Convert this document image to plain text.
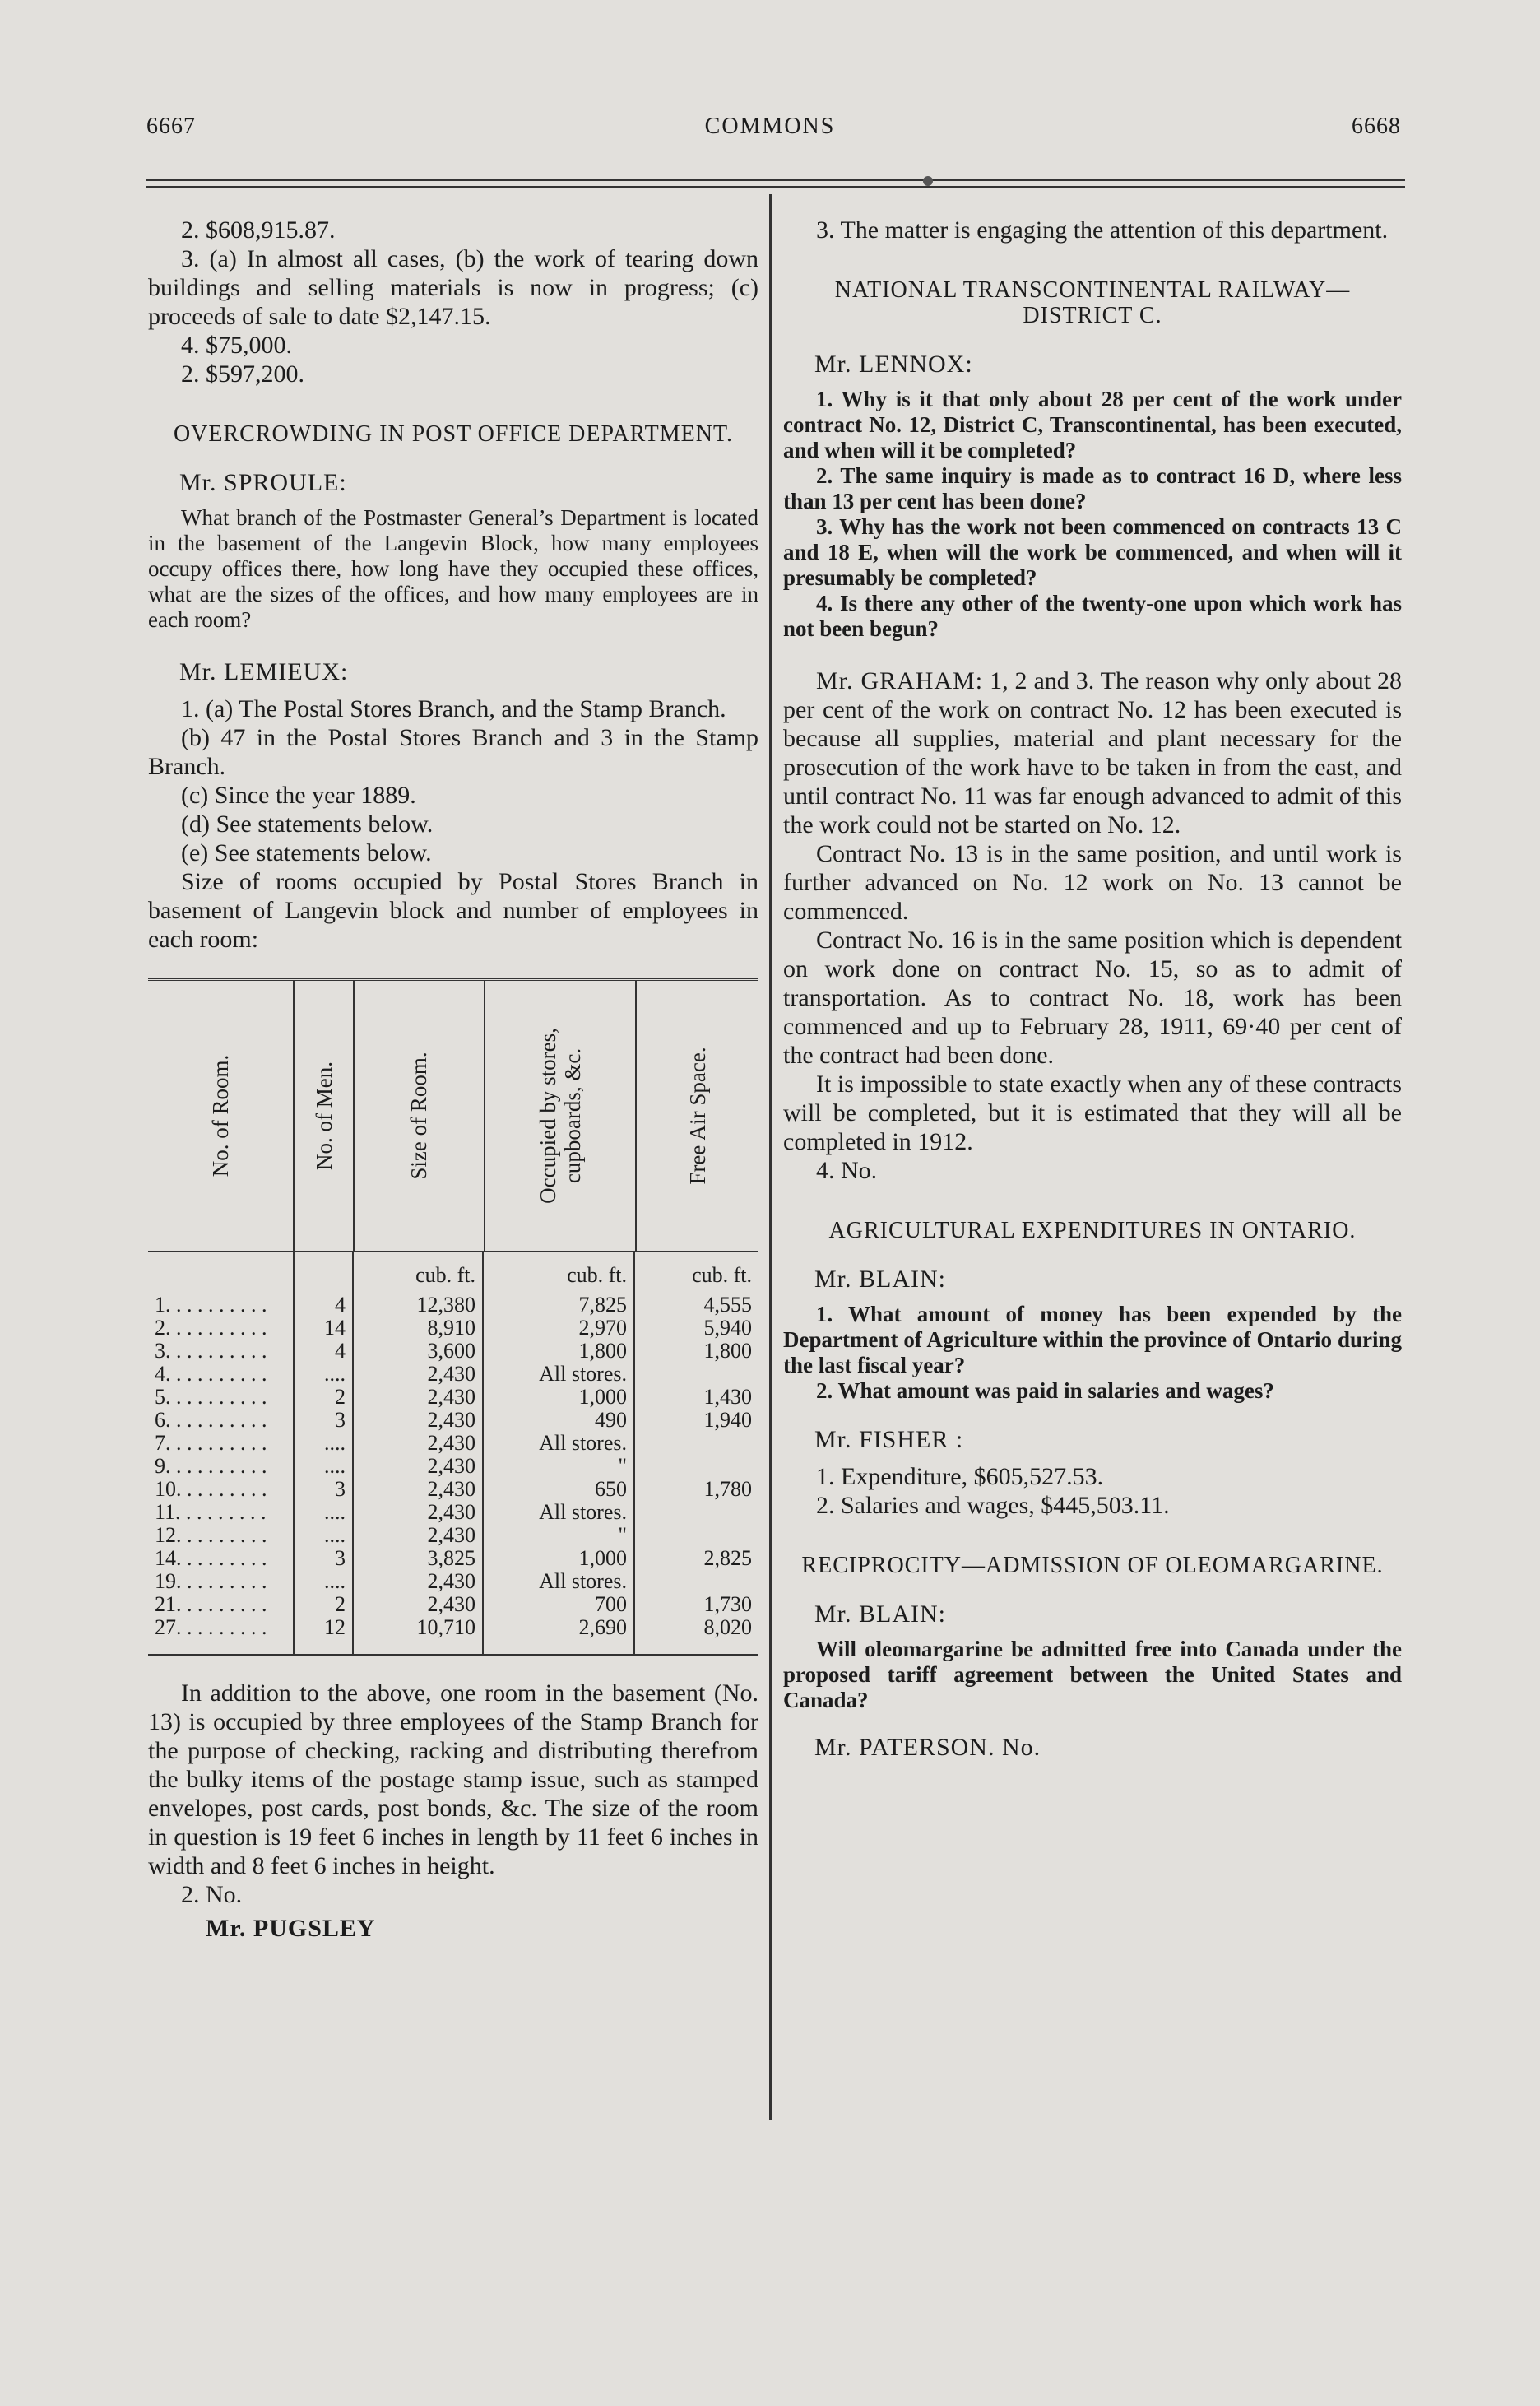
6667	COMMONS	6668

2. $608,915.87.

3. (a) In almost all cases, (b) the work of tearing down buildings and selling materials is now in progress; (c) proceeds of sale to date $2,147.15.

4. $75,000.

2. $597,200.

OVERCROWDING IN POST OFFICE DEPARTMENT.
Mr. SPROULE:

What branch of the Postmaster General’s Department is located in the basement of the Langevin Block, how many employees occupy offices there, how long have they occupied these offices, what are the sizes of the offices, and how many employees are in each room?

Mr. LEMIEUX:

1. (a) The Postal Stores Branch, and the Stamp Branch.

(b) 47 in the Postal Stores Branch and 3 in the Stamp Branch.

(c) Since the year 1889.

(d) See statements below.

(e) See statements below.

Size of rooms occupied by Postal Stores Branch in basement of Langevin block and number of employees in each room:

No. of Room.	No. of Men.	Size of Room.	Occupied by stores, cupboards, &c.	Free Air Space.
cub. ft.	cub. ft.	cub. ft.
1. . . . . . . . . .	4	12,380	7,825	4,555
2. . . . . . . . . .	14	8,910	2,970	5,940
3. . . . . . . . . .	4	3,600	1,800	1,800
4. . . . . . . . . .	....	2,430	All stores.
5. . . . . . . . . .	2	2,430	1,000	1,430
6. . . . . . . . . .	3	2,430	490	1,940
7. . . . . . . . . .	....	2,430	All stores.
9. . . . . . . . . .	....	2,430	"
10. . . . . . . . .	3	2,430	650	1,780
11. . . . . . . . .	....	2,430	All stores.
12. . . . . . . . .	....	2,430	"
14. . . . . . . . .	3	3,825	1,000	2,825
19. . . . . . . . .	....	2,430	All stores.
21. . . . . . . . .	2	2,430	700	1,730
27. . . . . . . . .	12	10,710	2,690	8,020

In addition to the above, one room in the basement (No. 13) is occupied by three employees of the Stamp Branch for the purpose of checking, racking and distributing therefrom the bulky items of the postage stamp issue, such as stamped envelopes, post cards, post bonds, &c. The size of the room in question is 19 feet 6 inches in length by 11 feet 6 inches in width and 8 feet 6 inches in height.

2. No.

Mr. PUGSLEY

3. The matter is engaging the attention of this department.

NATIONAL TRANSCONTINENTAL RAILWAY—DISTRICT C.
Mr. LENNOX:

1. Why is it that only about 28 per cent of the work under contract No. 12, District C, Transcontinental, has been executed, and when will it be completed?

2. The same inquiry is made as to contract 16 D, where less than 13 per cent has been done?

3. Why has the work not been commenced on contracts 13 C and 18 E, when will the work be commenced, and when will it presumably be completed?

4. Is there any other of the twenty-one upon which work has not been begun?

Mr. GRAHAM: 1, 2 and 3. The reason why only about 28 per cent of the work on contract No. 12 has been executed is because all supplies, material and plant necessary for the prosecution of the work have to be taken in from the east, and until contract No. 11 was far enough advanced to admit of this the work could not be started on No. 12.

Contract No. 13 is in the same position, and until work is further advanced on No. 12 work on No. 13 cannot be commenced.

Contract No. 16 is in the same position which is dependent on work done on contract No. 15, so as to admit of transportation. As to contract No. 18, work has been commenced and up to February 28, 1911, 69·40 per cent of the contract had been done.

It is impossible to state exactly when any of these contracts will be completed, but it is estimated that they will all be completed in 1912.

4. No.

AGRICULTURAL EXPENDITURES IN ONTARIO.
Mr. BLAIN:

1. What amount of money has been expended by the Department of Agriculture within the province of Ontario during the last fiscal year?

2. What amount was paid in salaries and wages?

Mr. FISHER :

1. Expenditure, $605,527.53.

2. Salaries and wages, $445,503.11.

RECIPROCITY—ADMISSION OF OLEOMARGARINE.
Mr. BLAIN:

Will oleomargarine be admitted free into Canada under the proposed tariff agreement between the United States and Canada?

Mr. PATERSON. No.
